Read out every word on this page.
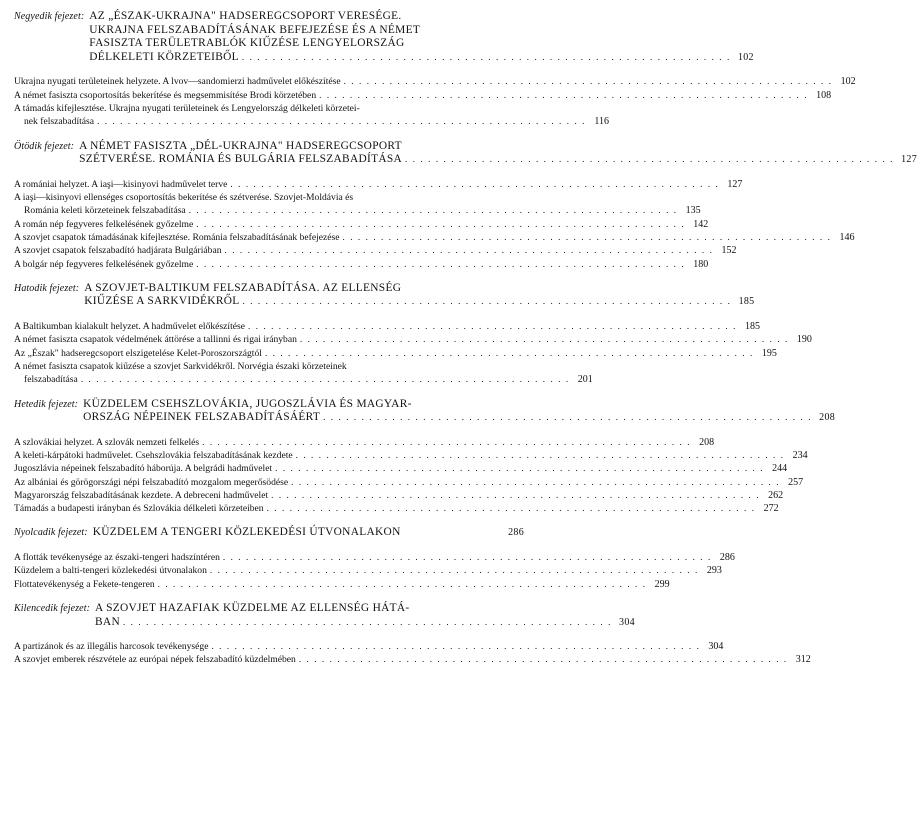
Negyedik fejezet: AZ „ÉSZAK-UKRAJNA" HADSEREGCSOPORT VERESÉGE.
UKRAJNA FELSZABADÍTÁSÁNAK BEFEJEZÉSE ÉS A NÉMET
FASISZTA TERÜLETRABLÓK KIŰZÉSE LENGYELORSZÁG
DÉLKELETI KÖRZETEIBŐL . . . . . . . . . . . . . . . . . . . . . . . . . . . . . . . . . . . . . . . . . . . . . . . . . . . . . . . . . . . . . . . . 102
Ukrajna nyugati területeinek helyzete. A lvov—sandomierzi hadművelet előkészítése . . . . . . . . . . . . . . . . . . . . . . . . . . . . . . . . . . . . . . . . . . . . . . . . . . . . . . . . . . . . . . . . 102
A német fasiszta csoportosítás bekerítése és megsemmisítése Brodi körzetében . . . . . . . . . . . . . . . . . . . . . . . . . . . . . . . . . . . . . . . . . . . . . . . . . . . . . . . . . . . . . . . . 108
A támadás kifejlesztése. Ukrajna nyugati területeinek és Lengyelország délkeleti körzetei-
nek felszabadítása . . . . . . . . . . . . . . . . . . . . . . . . . . . . . . . . . . . . . . . . . . . . . . . . . . . . . . . . . . . . . . . . 116
Ötödik fejezet: A NÉMET FASISZTA „DÉL-UKRAJNA" HADSEREGCSOPORT
SZÉTVERÉSE. ROMÁNIA ÉS BULGÁRIA FELSZABADÍTÁSA . . . . . . . . . . . . . . . . . . . . . . . . . . . . . . . . . . . . . . . . . . . . . . . . . . . . . . . . . . . . . . . . 127
A romániai helyzet. A iaşi—kisinyovi hadművelet terve . . . . . . . . . . . . . . . . . . . . . . . . . . . . . . . . . . . . . . . . . . . . . . . . . . . . . . . . . . . . . . . . 127
A iaşi—kisinyovi ellenséges csoportosítás bekerítése és szétverése. Szovjet-Moldávia és
Románia keleti körzeteinek felszabadítása . . . . . . . . . . . . . . . . . . . . . . . . . . . . . . . . . . . . . . . . . . . . . . . . . . . . . . . . . . . . . . . . 135
A román nép fegyveres felkelésének győzelme . . . . . . . . . . . . . . . . . . . . . . . . . . . . . . . . . . . . . . . . . . . . . . . . . . . . . . . . . . . . . . . . 142
A szovjet csapatok támadásának kifejlesztése. Románia felszabadításának befejezése . . . . . . . . . . . . . . . . . . . . . . . . . . . . . . . . . . . . . . . . . . . . . . . . . . . . . . . . . . . . . . . . 146
A szovjet csapatok felszabadító hadjárata Bulgáriában . . . . . . . . . . . . . . . . . . . . . . . . . . . . . . . . . . . . . . . . . . . . . . . . . . . . . . . . . . . . . . . . 152
A bolgár nép fegyveres felkelésének győzelme . . . . . . . . . . . . . . . . . . . . . . . . . . . . . . . . . . . . . . . . . . . . . . . . . . . . . . . . . . . . . . . . 180
Hatodik fejezet: A SZOVJET-BALTIKUM FELSZABADÍTÁSA. AZ ELLENSÉG
KIŰZÉSE A SARKVIDÉKRŐL . . . . . . . . . . . . . . . . . . . . . . . . . . . . . . . . . . . . . . . . . . . . . . . . . . . . . . . . . . . . . . . . 185
A Baltikumban kialakult helyzet. A hadművelet előkészítése . . . . . . . . . . . . . . . . . . . . . . . . . . . . . . . . . . . . . . . . . . . . . . . . . . . . . . . . . . . . . . . . 185
A német fasiszta csapatok védelmének áttörése a tallinni és rigai irányban . . . . . . . . . . . . . . . . . . . . . . . . . . . . . . . . . . . . . . . . . . . . . . . . . . . . . . . . . . . . . . . . 190
Az „Észak" hadseregcsoport elszigetelése Kelet-Poroszországtól . . . . . . . . . . . . . . . . . . . . . . . . . . . . . . . . . . . . . . . . . . . . . . . . . . . . . . . . . . . . . . . . 195
A német fasiszta csapatok kiűzése a szovjet Sarkvidékről. Norvégia északi körzeteinek
felszabadítása . . . . . . . . . . . . . . . . . . . . . . . . . . . . . . . . . . . . . . . . . . . . . . . . . . . . . . . . . . . . . . . . 201
Hetedik fejezet: KÜZDELEM CSEHSZLOVÁKIA, JUGOSZLÁVIA ÉS MAGYAR-
ORSZÁG NÉPEINEK FELSZABADÍTÁSÁÉRT . . . . . . . . . . . . . . . . . . . . . . . . . . . . . . . . . . . . . . . . . . . . . . . . . . . . . . . . . . . . . . . . 208
A szlovákiai helyzet. A szlovák nemzeti felkelés . . . . . . . . . . . . . . . . . . . . . . . . . . . . . . . . . . . . . . . . . . . . . . . . . . . . . . . . . . . . . . . . 208
A keleti-kárpátoki hadművelet. Csehszlovákia felszabadításának kezdete . . . . . . . . . . . . . . . . . . . . . . . . . . . . . . . . . . . . . . . . . . . . . . . . . . . . . . . . . . . . . . . . 234
Jugoszlávia népeinek felszabadító háborúja. A belgrádi hadművelet . . . . . . . . . . . . . . . . . . . . . . . . . . . . . . . . . . . . . . . . . . . . . . . . . . . . . . . . . . . . . . . . 244
Az albániai és görögországi népi felszabadító mozgalom megerősödése . . . . . . . . . . . . . . . . . . . . . . . . . . . . . . . . . . . . . . . . . . . . . . . . . . . . . . . . . . . . . . . . 257
Magyarország felszabadításának kezdete. A debreceni hadművelet . . . . . . . . . . . . . . . . . . . . . . . . . . . . . . . . . . . . . . . . . . . . . . . . . . . . . . . . . . . . . . . . 262
Támadás a budapesti irányban és Szlovákia délkeleti körzeteiben . . . . . . . . . . . . . . . . . . . . . . . . . . . . . . . . . . . . . . . . . . . . . . . . . . . . . . . . . . . . . . . . 272
Nyolcadik fejezet: KÜZDELEM A TENGERI KÖZLEKEDÉSI ÚTVONALAKON	286
A flották tevékenysége az északi-tengeri hadszíntéren . . . . . . . . . . . . . . . . . . . . . . . . . . . . . . . . . . . . . . . . . . . . . . . . . . . . . . . . . . . . . . . . 286
Küzdelem a balti-tengeri közlekedési útvonalakon . . . . . . . . . . . . . . . . . . . . . . . . . . . . . . . . . . . . . . . . . . . . . . . . . . . . . . . . . . . . . . . . 293
Flottatevékenység a Fekete-tengeren . . . . . . . . . . . . . . . . . . . . . . . . . . . . . . . . . . . . . . . . . . . . . . . . . . . . . . . . . . . . . . . . 299
Kilencedik fejezet: A SZOVJET HAZAFIAK KÜZDELME AZ ELLENSÉG HÁTÁ-
BAN . . . . . . . . . . . . . . . . . . . . . . . . . . . . . . . . . . . . . . . . . . . . . . . . . . . . . . . . . . . . . . . . 304
A partizánok és az illegális harcosok tevékenysége . . . . . . . . . . . . . . . . . . . . . . . . . . . . . . . . . . . . . . . . . . . . . . . . . . . . . . . . . . . . . . . . 304
A szovjet emberek részvétele az európai népek felszabadító küzdelmében . . . . . . . . . . . . . . . . . . . . . . . . . . . . . . . . . . . . . . . . . . . . . . . . . . . . . . . . . . . . . . . . 312
